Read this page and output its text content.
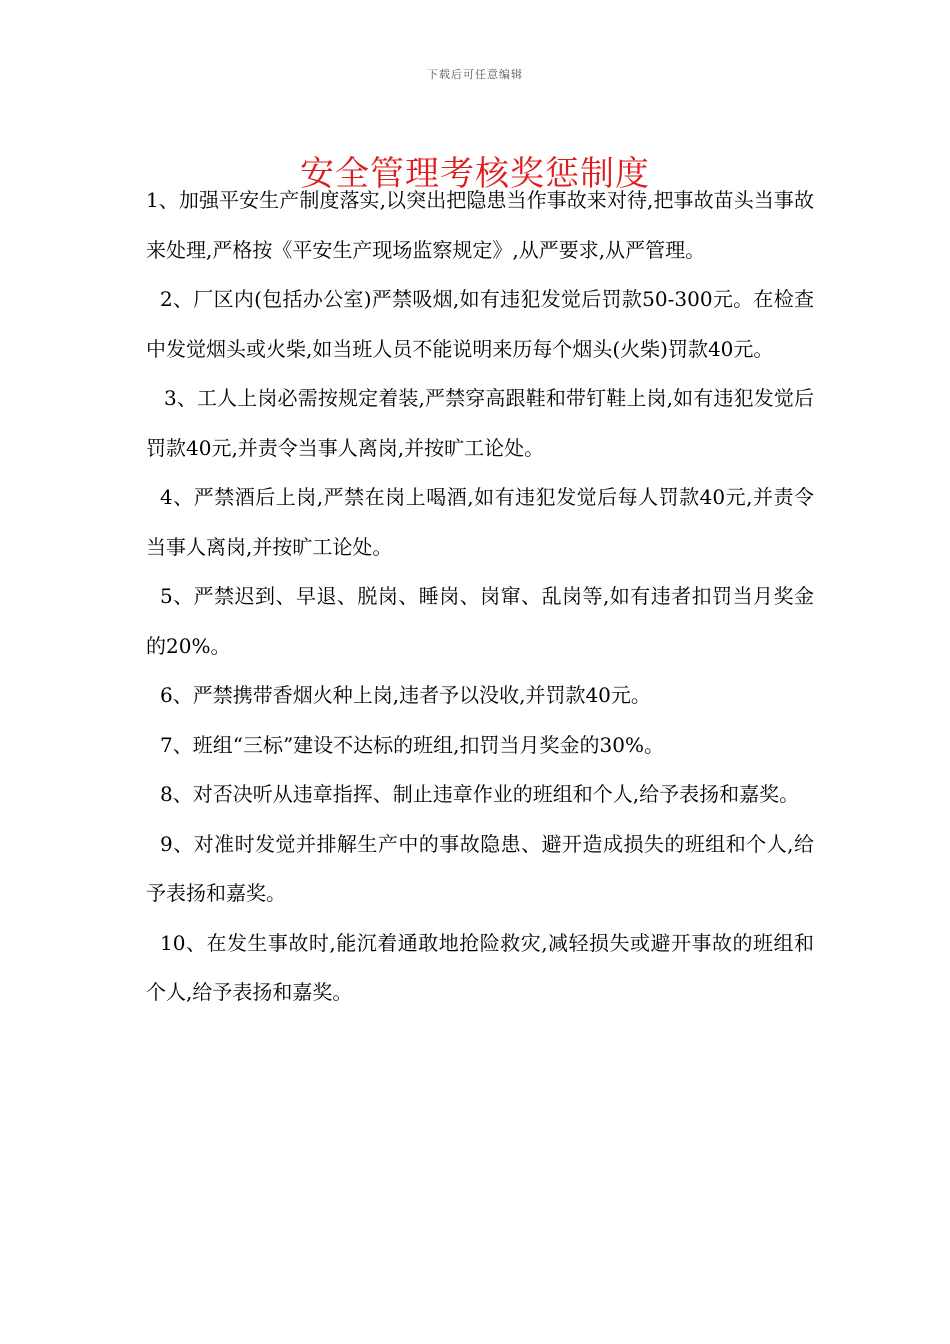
下载后可任意编辑
安全管理考核奖惩制度

1、加强平安生产制度落实,以突出把隐患当作事故来对待,把事故苗头当事故来处理,严格按《平安生产现场监察规定》,从严要求,从严管理。

2、厂区内(包括办公室)严禁吸烟,如有违犯发觉后罚款50-300元。在检查中发觉烟头或火柴,如当班人员不能说明来历每个烟头(火柴)罚款40元。

3、工人上岗必需按规定着装,严禁穿高跟鞋和带钉鞋上岗,如有违犯发觉后罚款40元,并责令当事人离岗,并按旷工论处。

4、严禁酒后上岗,严禁在岗上喝酒,如有违犯发觉后每人罚款40元,并责令当事人离岗,并按旷工论处。

5、严禁迟到、早退、脱岗、睡岗、岗窜、乱岗等,如有违者扣罚当月奖金的20%。

6、严禁携带香烟火种上岗,违者予以没收,并罚款40元。

7、班组“三标”建设不达标的班组,扣罚当月奖金的30%。

8、对否决听从违章指挥、制止违章作业的班组和个人,给予表扬和嘉奖。

9、对准时发觉并排解生产中的事故隐患、避开造成损失的班组和个人,给予表扬和嘉奖。

10、在发生事故时,能沉着通敢地抢险救灾,减轻损失或避开事故的班组和个人,给予表扬和嘉奖。
